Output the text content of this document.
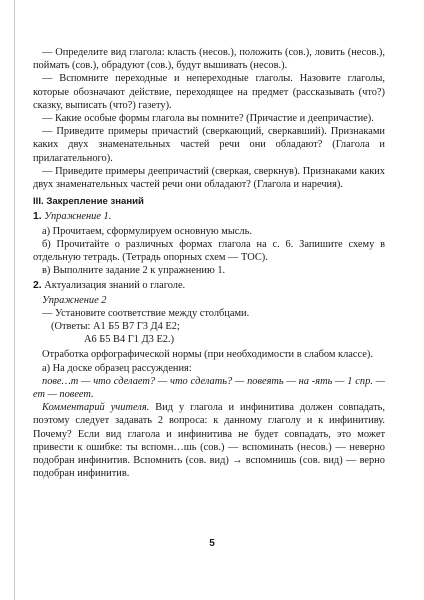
— Определите вид глагола: класть (несов.), положить (сов.), ловить (несов.), поймать (сов.), обрадуют (сов.), будут вышивать (несов.).

— Вспомните переходные и непереходные глаголы. Назовите глаголы, которые обозначают действие, переходящее на предмет (рассказывать (что?) сказку, выписать (что?) газету).

— Какие особые формы глагола вы помните? (Причастие и деепричастие).

— Приведите примеры причастий (сверкающий, сверкавший). Признаками каких двух знаменательных частей речи они обладают? (Глагола и прилагательного).

— Приведите примеры деепричастий (сверкая, сверкнув). Признаками каких двух знаменательных частей речи они обладают? (Глагола и наречия).

III. Закрепление знаний
1. Упражнение 1.

а) Прочитаем, сформулируем основную мысль.

б) Прочитайте о различных формах глагола на с. 6. Запишите схему в отдельную тетрадь. (Тетрадь опорных схем — ТОС).

в) Выполните задание 2 к упражнению 1.

2. Актуализация знаний о глаголе.

Упражнение 2

— Установите соответствие между столбцами.

(Ответы: А1 Б5 В7 Г3 Д4 Е2;

А6 Б5 В4 Г1 Д3 Е2.)

Отработка орфографической нормы (при необходимости в слабом классе).

а) На доске образец рассуждения:

пове…т — что сделает? — что сделать? — повеять — на -ять — 1 спр. — ет — повеет.

Комментарий учителя. Вид у глагола и инфинитива должен совпадать, поэтому следует задавать 2 вопроса: к данному глаголу и к инфинитиву. Почему? Если вид глагола и инфинитива не будет совпадать, это может привести к ошибке: ты вспомн…шь (сов.) — вспоминать (несов.) — неверно подобран инфинитив. Вспомнить (сов. вид) → вспомнишь (сов. вид) — верно подобран инфинитив.

5
